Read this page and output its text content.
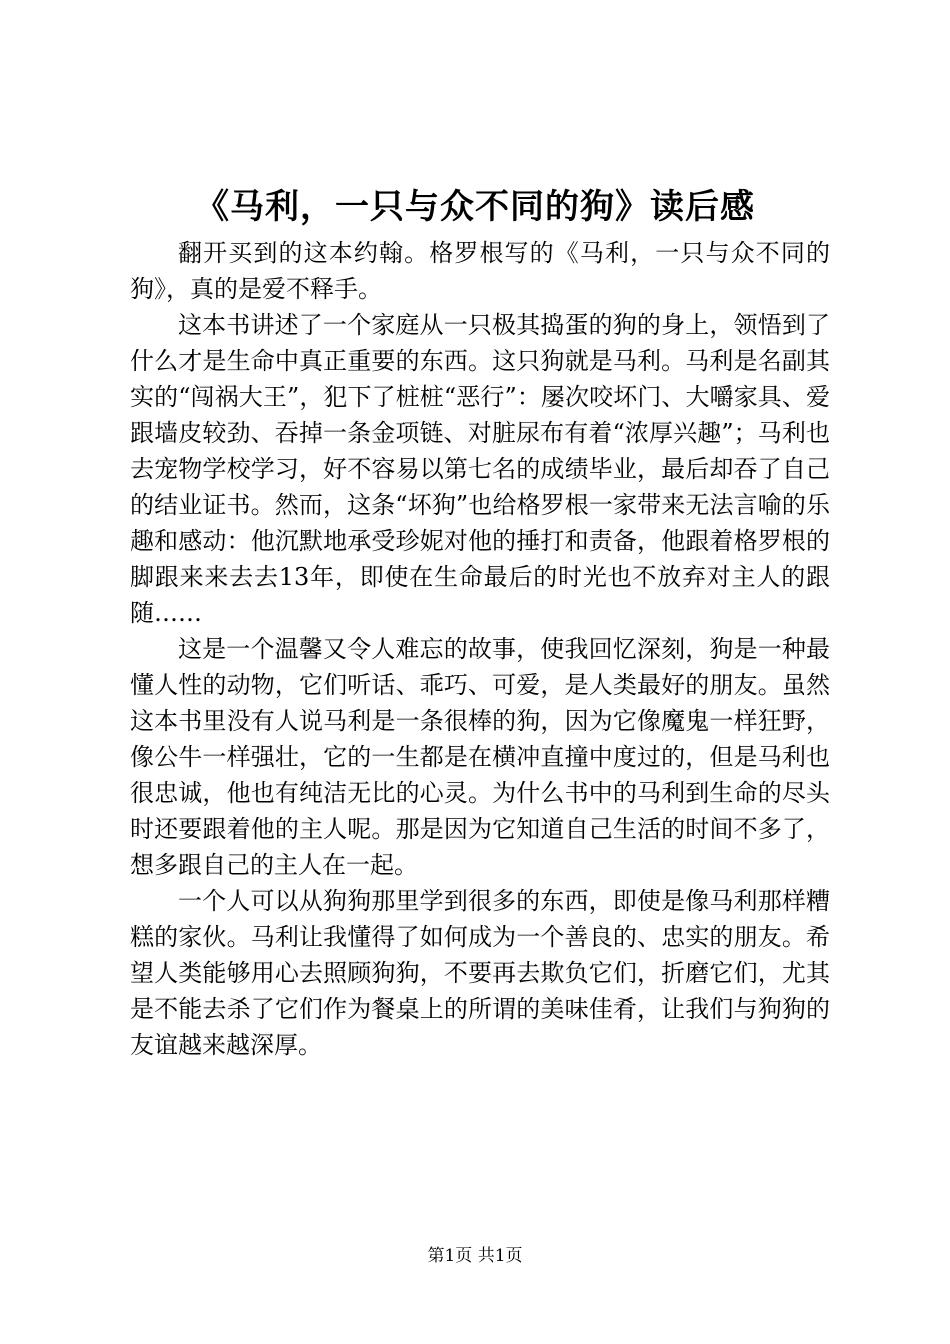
《马利，一只与众不同的狗》读后感

翻开买到的这本约翰。格罗根写的《马利，一只与众不同的狗》，真的是爱不释手。

这本书讲述了一个家庭从一只极其捣蛋的狗的身上，领悟到了什么才是生命中真正重要的东西。这只狗就是马利。马利是名副其实的“闯祸大王”，犯下了桩桩“恶行”：屡次咬坏门、大嚼家具、爱跟墙皮较劲、吞掉一条金项链、对脏尿布有着“浓厚兴趣”；马利也去宠物学校学习，好不容易以第七名的成绩毕业，最后却吞了自己的结业证书。然而，这条“坏狗”也给格罗根一家带来无法言喻的乐趣和感动：他沉默地承受珍妮对他的捶打和责备，他跟着格罗根的脚跟来来去去13年，即使在生命最后的时光也不放弃对主人的跟随……

这是一个温馨又令人难忘的故事，使我回忆深刻，狗是一种最懂人性的动物，它们听话、乖巧、可爱，是人类最好的朋友。虽然这本书里没有人说马利是一条很棒的狗，因为它像魔鬼一样狂野，像公牛一样强壮，它的一生都是在横冲直撞中度过的，但是马利也很忠诚，他也有纯洁无比的心灵。为什么书中的马利到生命的尽头时还要跟着他的主人呢。那是因为它知道自己生活的时间不多了，想多跟自己的主人在一起。

一个人可以从狗狗那里学到很多的东西，即使是像马利那样糟糕的家伙。马利让我懂得了如何成为一个善良的、忠实的朋友。希望人类能够用心去照顾狗狗，不要再去欺负它们，折磨它们，尤其是不能去杀了它们作为餐桌上的所谓的美味佳肴，让我们与狗狗的友谊越来越深厚。

第1页 共1页
